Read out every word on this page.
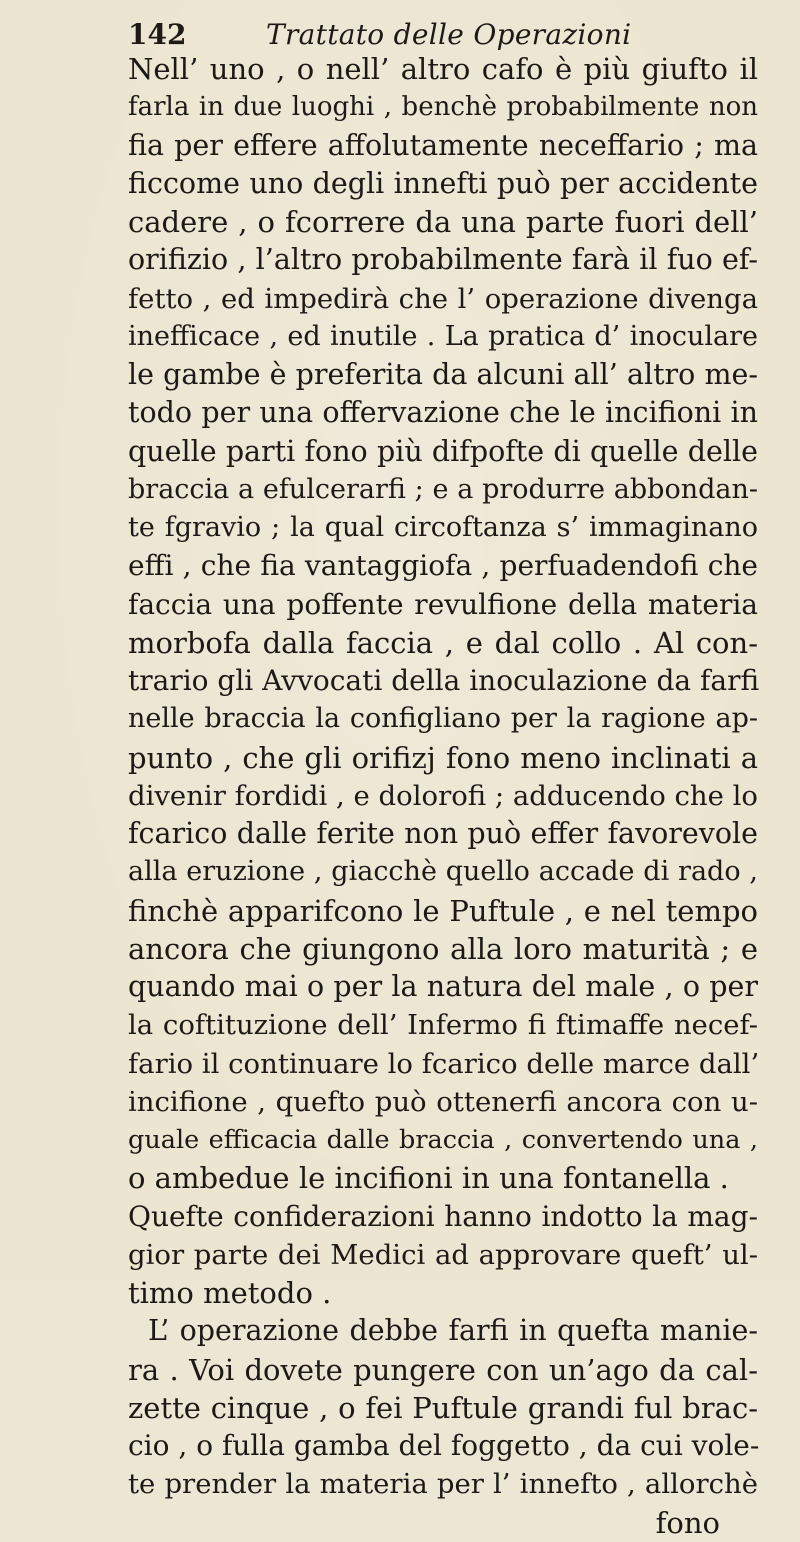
142	Trattato delle Operazioni
Nell’ uno , o nell’ altro cafo è più giufto il
farla in due luoghi , benchè probabilmente non
fia per effere affolutamente neceffario ; ma
ficcome uno degli innefti può per accidente
cadere , o fcorrere da una parte fuori dell’
orifizio , l’altro probabilmente farà il fuo ef-
fetto , ed impedirà che l’ operazione divenga
inefficace , ed inutile . La pratica d’ inoculare
le gambe è preferita da alcuni all’ altro me-
todo per una offervazione che le incifioni in
quelle parti fono più difpofte di quelle delle
braccia a efulcerarfi ; e a produrre abbondan-
te fgravio ; la qual circoftanza s’ immaginano
effi , che fia vantaggiofa , perfuadendofi che
faccia una poffente revulfione della materia
morbofa dalla faccia , e dal collo . Al con-
trario gli Avvocati della inoculazione da farfi
nelle braccia la configliano per la ragione ap-
punto , che gli orifizj fono meno inclinati a
divenir fordidi , e dolorofi ; adducendo che lo
fcarico dalle ferite non può effer favorevole
alla eruzione , giacchè quello accade di rado ,
finchè apparifcono le Puftule , e nel tempo
ancora che giungono alla loro maturità ; e
quando mai o per la natura del male , o per
la coftituzione dell’ Infermo fi ftimaffe necef-
fario il continuare lo fcarico delle marce dall’
incifione , quefto può ottenerfi ancora con u-
guale efficacia dalle braccia , convertendo una ,
o ambedue le incifioni in una fontanella .
Quefte confiderazioni hanno indotto la mag-
gior parte dei Medici ad approvare queft’ ul-
timo metodo .
L’ operazione debbe farfi in quefta manie-
ra . Voi dovete pungere con un’ago da cal-
zette cinque , o fei Puftule grandi ful brac-
cio , o fulla gamba del foggetto , da cui vole-
te prender la materia per l’ innefto , allorchè
fono
